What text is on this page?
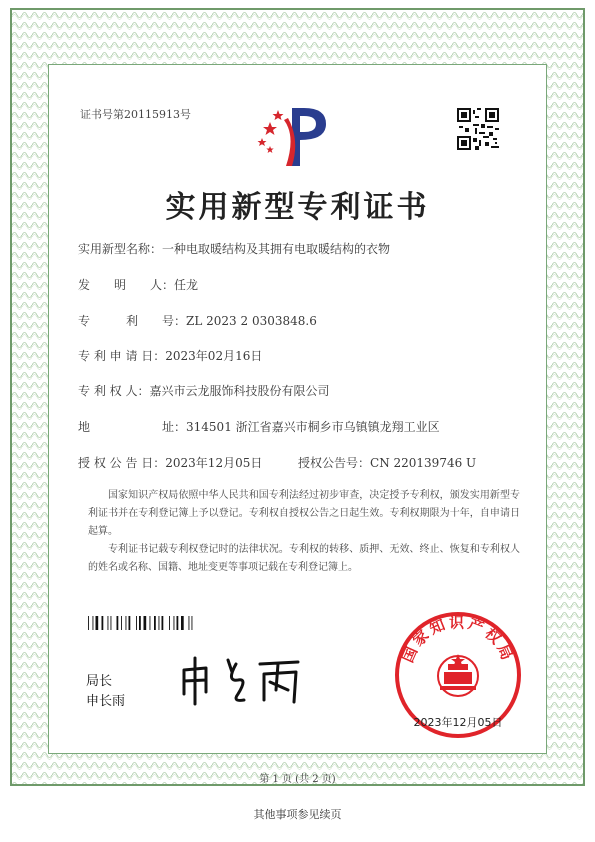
证书号第20115913号
实用新型专利证书
实用新型名称：一种电取暖结构及其拥有电取暖结构的衣物
发　　明　　人：任龙
专　　　利　　号：ZL 2023 2 0303848.6
专 利 申 请 日：2023年02月16日
专 利 权 人：嘉兴市云龙服饰科技股份有限公司
地　　　　　　址：314501 浙江省嘉兴市桐乡市乌镇镇龙翔工业区
授 权 公 告 日：2023年12月05日	授权公告号：CN 220139746 U
国家知识产权局依照中华人民共和国专利法经过初步审查，决定授予专利权，颁发实用新型专利证书并在专利登记簿上予以登记。专利权自授权公告之日起生效。专利权期限为十年，自申请日起算。
专利证书记载专利权登记时的法律状况。专利权的转移、质押、无效、终止、恢复和专利权人的姓名或名称、国籍、地址变更等事项记载在专利登记簿上。
局长
申长雨
国家知识产权局
2023年12月05日
第 1 页 (共 2 页)
其他事项参见续页
